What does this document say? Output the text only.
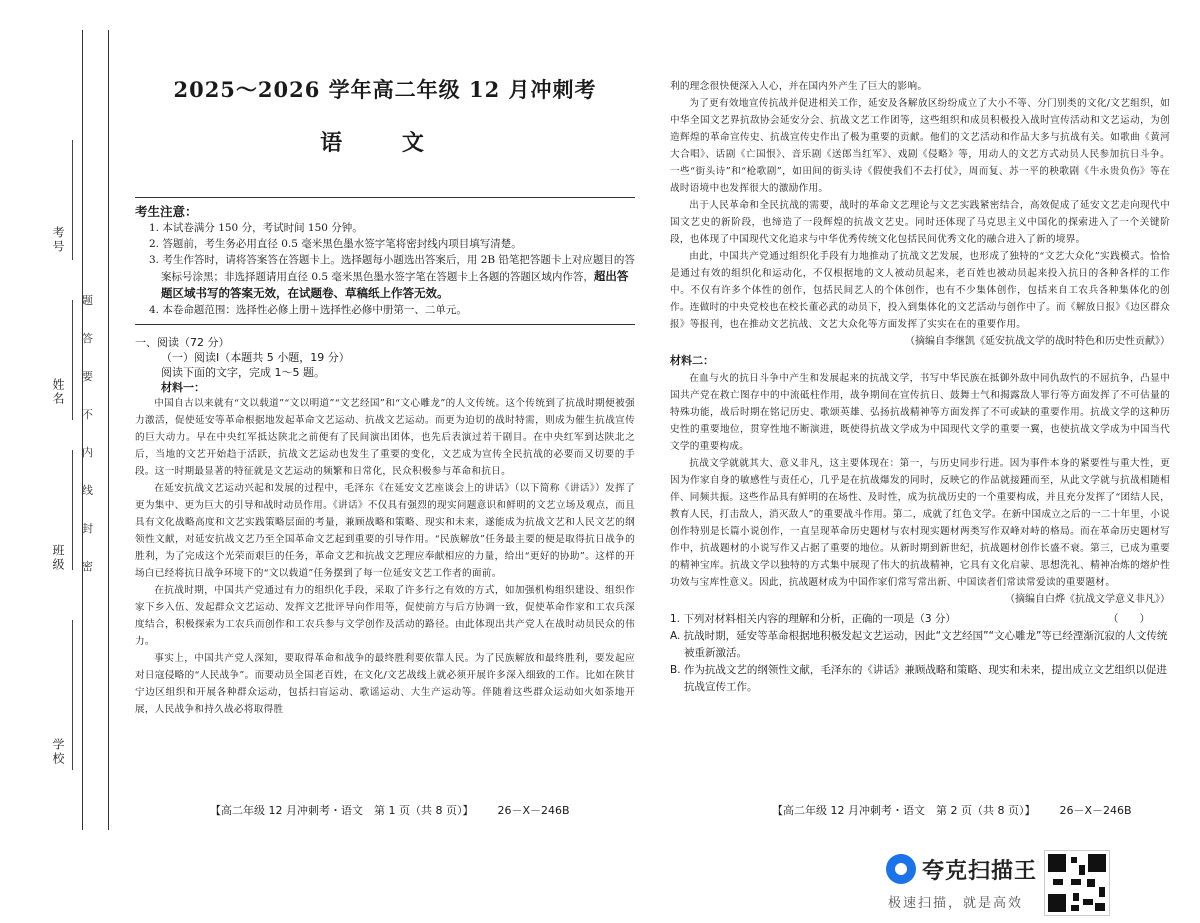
考号
姓名
班级
学校
题
答
要
不
内
线
封
密
2025～2026 学年高二年级 12 月冲刺考
语 文
考生注意：
1. 本试卷满分 150 分，考试时间 150 分钟。
2. 答题前，考生务必用直径 0.5 毫米黑色墨水签字笔将密封线内项目填写清楚。
3. 考生作答时，请将答案答在答题卡上。选择题每小题选出答案后，用 2B 铅笔把答题卡上对应题目的答案标号涂黑；非选择题请用直径 0.5 毫米黑色墨水签字笔在答题卡上各题的答题区域内作答，超出答题区域书写的答案无效，在试题卷、草稿纸上作答无效。
4. 本卷命题范围：选择性必修上册＋选择性必修中册第一、二单元。
一、阅读（72 分）
（一）阅读Ⅰ（本题共 5 小题，19 分）
阅读下面的文字，完成 1～5 题。
材料一：

中国自古以来就有“文以载道”“文以明道”“文艺经国”和“文心雕龙”的人文传统。这个传统到了抗战时期便被强力激活，促使延安等革命根据地发起革命文艺运动、抗战文艺运动。而更为迫切的战时特需，则成为催生抗战宣传的巨大动力。早在中央红军抵达陕北之前便有了民间演出团体，也先后表演过若干剧目。在中央红军到达陕北之后，当地的文艺开始趋于活跃，抗战文艺运动也发生了重要的变化，文艺成为宣传全民抗战的必要而又切要的手段。这一时期最显著的特征就是文艺运动的频繁和日常化，民众积极参与革命和抗日。

在延安抗战文艺运动兴起和发展的过程中，毛泽东《在延安文艺座谈会上的讲话》（以下简称《讲话》）发挥了更为集中、更为巨大的引导和战时动员作用。《讲话》不仅具有强烈的现实问题意识和鲜明的文艺立场及观点，而且具有文化战略高度和文艺实践策略层面的考量，兼顾战略和策略、现实和未来，遂能成为抗战文艺和人民文艺的纲领性文献，对延安抗战文艺乃至全国革命文艺起到重要的引导作用。“民族解放”任务最主要的便是取得抗日战争的胜利，为了完成这个光荣而艰巨的任务，革命文艺和抗战文艺理应奉献相应的力量，给出“更好的协助”。这样的开场白已经将抗日战争环境下的“文以载道”任务摆到了每一位延安文艺工作者的面前。

在抗战时期，中国共产党通过有力的组织化手段，采取了许多行之有效的方式，如加强机构组织建设、组织作家下乡入伍、发起群众文艺运动、发挥文艺批评导向作用等，促使前方与后方协调一致，促使革命作家和工农兵深度结合，积极探索为工农兵而创作和工农兵参与文学创作及活动的路径。由此体现出共产党人在战时动员民众的伟力。

事实上，中国共产党人深知，要取得革命和战争的最终胜利要依靠人民。为了民族解放和最终胜利，要发起应对日寇侵略的“人民战争”。而要动员全国老百姓，在文化/文艺战线上就必须开展许多深入细致的工作。比如在陕甘宁边区组织和开展各种群众运动，包括扫盲运动、歌谣运动、大生产运动等。伴随着这些群众运动如火如荼地开展，人民战争和持久战必将取得胜

【高二年级 12 月冲刺考・语文　第 1 页（共 8 页）】 26－X－246B

利的理念很快便深入人心，并在国内外产生了巨大的影响。

为了更有效地宣传抗战并促进相关工作，延安及各解放区纷纷成立了大小不等、分门别类的文化/文艺组织，如中华全国文艺界抗敌协会延安分会、抗战文艺工作团等，这些组织和成员积极投入战时宣传活动和文艺运动，为创造辉煌的革命宣传史、抗战宣传史作出了极为重要的贡献。他们的文艺活动和作品大多与抗战有关。如歌曲《黄河大合唱》、话剧《亡国恨》、音乐剧《送郎当红军》、戏剧《侵略》等，用动人的文艺方式动员人民参加抗日斗争。一些“街头诗”和“枪歌剧”，如田间的街头诗《假使我们不去打仗》，周而复、苏一平的秧歌剧《牛永贵负伤》等在战时语境中也发挥很大的激励作用。

出于人民革命和全民抗战的需要，战时的革命文艺理论与文艺实践紧密结合，高效促成了延安文艺走向现代中国文艺史的新阶段，也缔造了一段辉煌的抗战文艺史。同时还体现了马克思主义中国化的探索进入了一个关键阶段，也体现了中国现代文化追求与中华优秀传统文化包括民间优秀文化的融合进入了新的境界。

由此，中国共产党通过组织化手段有力地推动了抗战文艺发展，也形成了独特的“文艺大众化”实践模式。恰恰是通过有效的组织化和运动化，不仅根据地的文人被动员起来，老百姓也被动员起来投入抗日的各种各样的工作中。不仅有许多个体性的创作，包括民间艺人的个体创作，也有不少集体创作，包括来自工农兵各种集体化的创作。连做时的中央党校也在校长董必武的动员下，投入到集体化的文艺活动与创作中了。而《解放日报》《边区群众报》等报刊，也在推动文艺抗战、文艺大众化等方面发挥了实实在在的重要作用。

（摘编自李继凯《延安抗战文学的战时特色和历史性贡献》）
材料二：

在血与火的抗日斗争中产生和发展起来的抗战文学，书写中华民族在抵御外敌中同仇敌忾的不屈抗争，凸显中国共产党在救亡图存中的中流砥柱作用，战争期间在宣传抗日、鼓舞士气和揭露敌人罪行等方面发挥了不可估量的特殊功能，战后时期在铭记历史、歌颂英雄、弘扬抗战精神等方面发挥了不可或缺的重要作用。抗战文学的这种历史性的重要地位，贯穿性地不断演进，既使得抗战文学成为中国现代文学的重要一翼，也使抗战文学成为中国当代文学的重要构成。

抗战文学就就其大、意义非凡，这主要体现在：第一，与历史同步行进。因为事件本身的紧要性与重大性，更因为作家自身的敏感性与责任心，几乎是在抗战爆发的同时，反映它的作品就接踵而至，从此文学就与抗战相随相伴、同频共振。这些作品具有鲜明的在场性、及时性，成为抗战历史的一个重要构成，并且充分发挥了“团结人民，教育人民，打击敌人，消灭敌人”的重要战斗作用。第二，成就了红色文学。在新中国成立之后的一二十年里，小说创作特别是长篇小说创作，一直呈现革命历史题材与农村现实题材两类写作双峰对峙的格局。而在革命历史题材写作中，抗战题材的小说写作又占据了重要的地位。从新时期到新世纪，抗战题材创作长盛不衰。第三，已成为重要的精神宝库。抗战文学以独特的方式集中展现了伟大的抗战精神，它具有文化启蒙、思想洗礼、精神冶炼的熔炉性功效与宝库性意义。因此，抗战题材成为中国作家们常写常出新、中国读者们常读常爱读的重要题材。

（摘编自白烨《抗战文学意义非凡》）
1. 下列对材料相关内容的理解和分析，正确的一项是（3 分）	（　　）
A. 抗战时期，延安等革命根据地积极发起文艺运动，因此“文艺经国”“文心雕龙”等已经湮渐沉寂的人文传统被重新激活。
B. 作为抗战文艺的纲领性文献，毛泽东的《讲话》兼顾战略和策略、现实和未来，提出成立文艺组织以促进抗战宣传工作。
【高二年级 12 月冲刺考・语文　第 2 页（共 8 页）】 26－X－246B
夸克扫描王
极速扫描，就是高效
